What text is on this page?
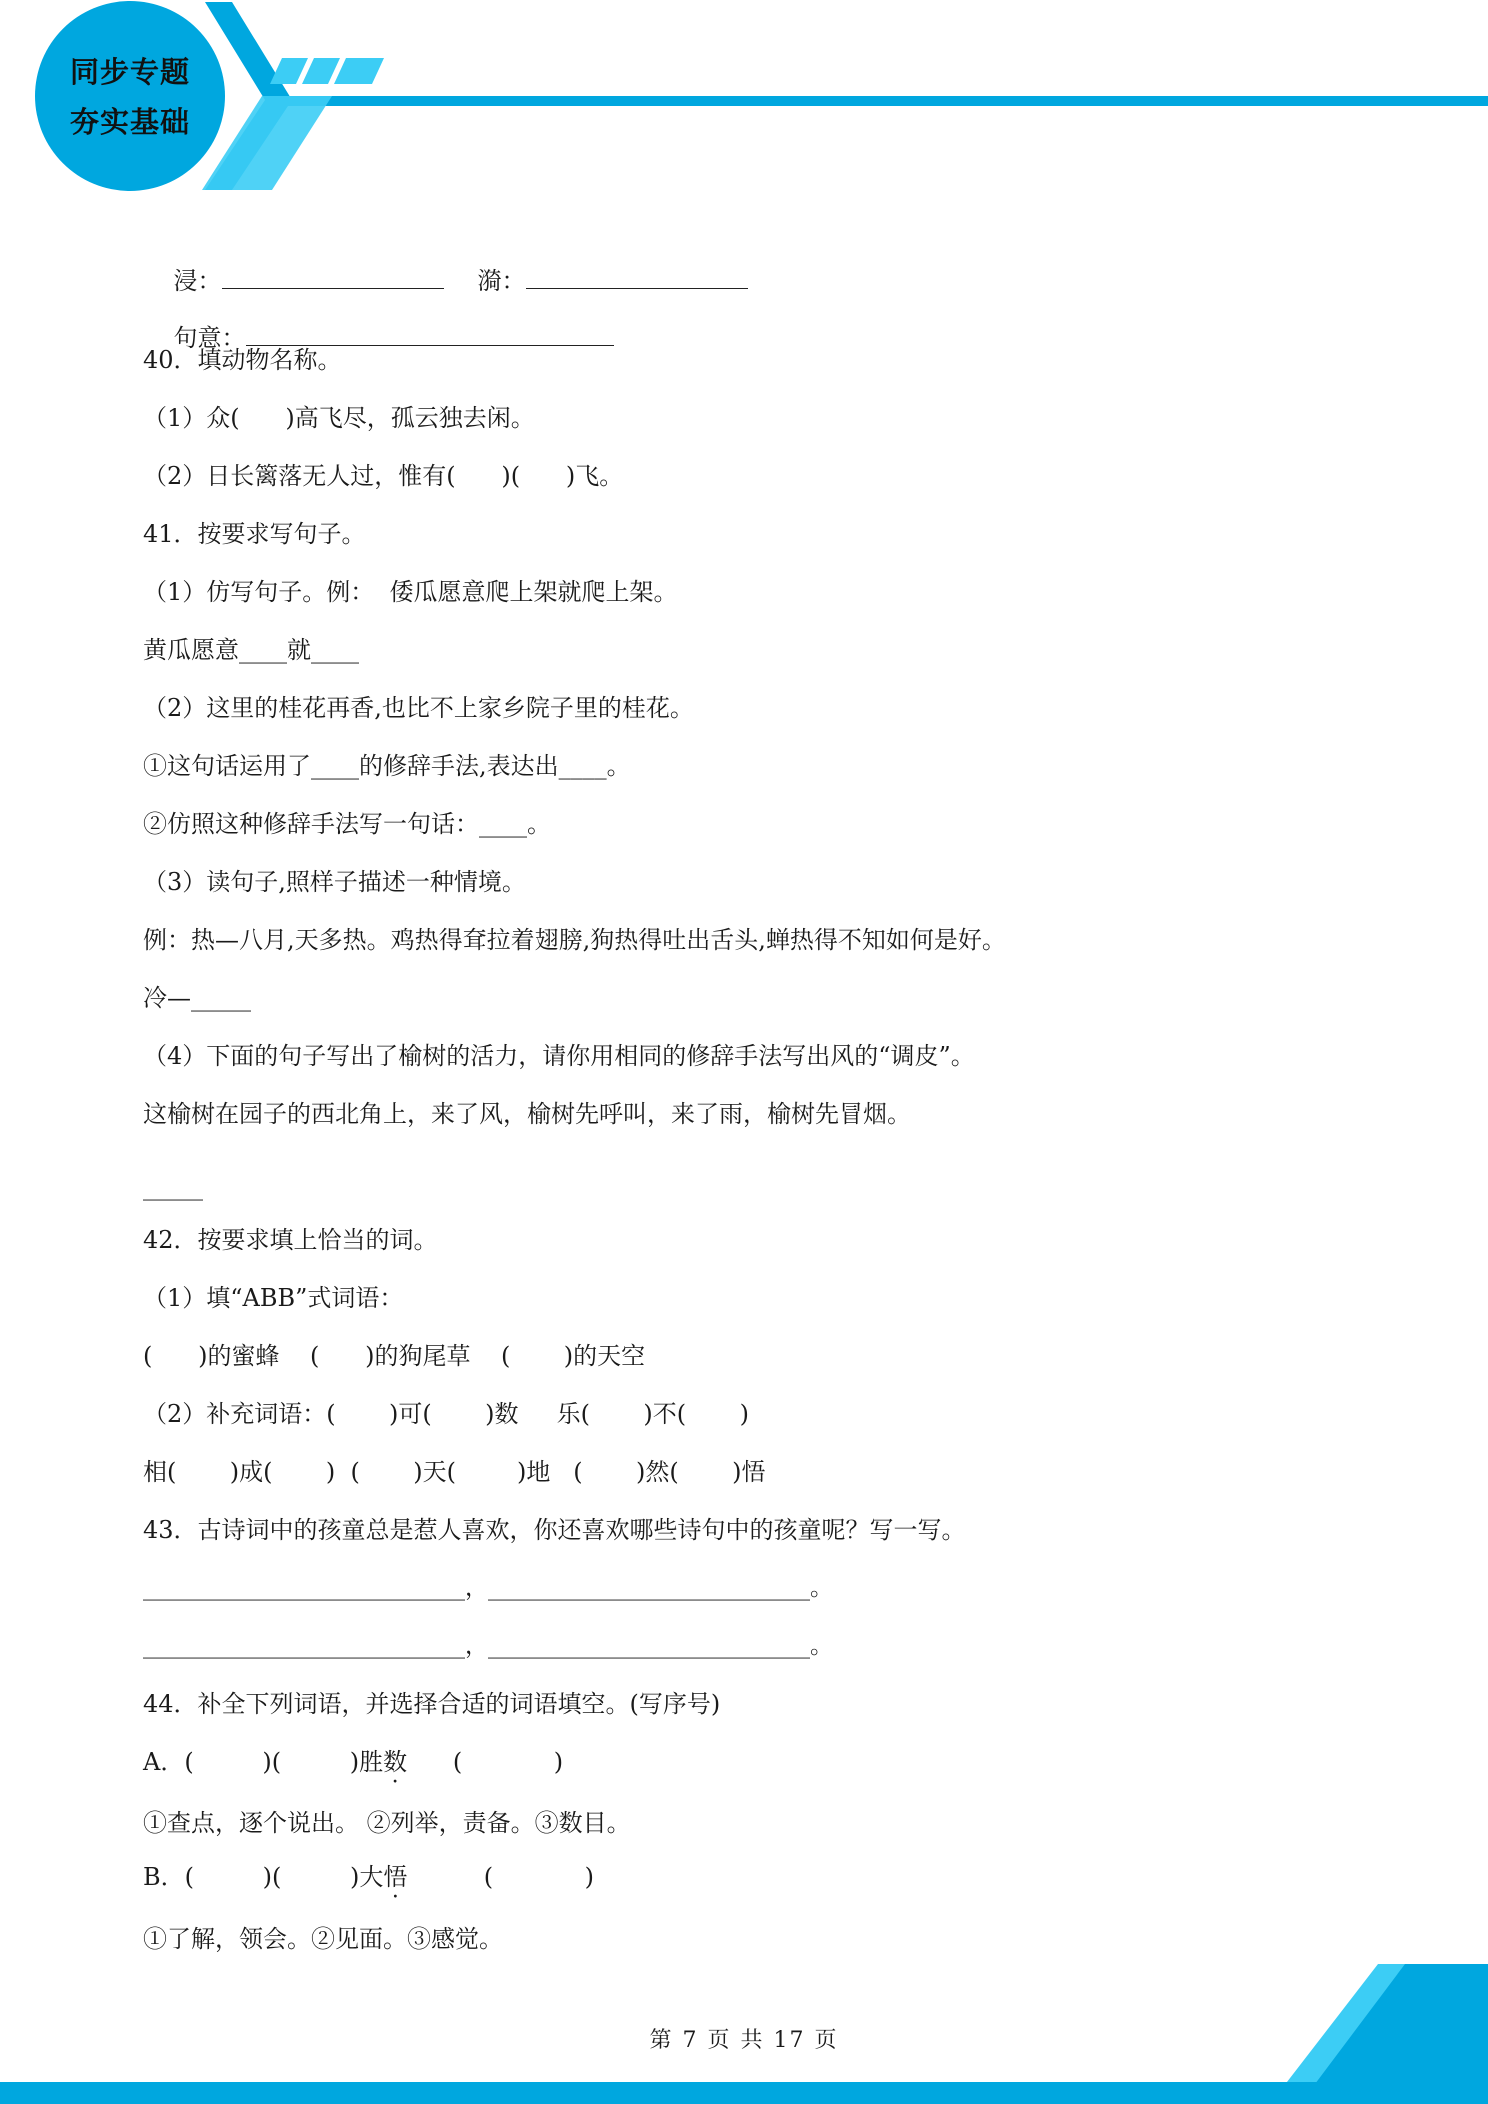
同步专题
夯实基础

浸：	漪：

句意：

40．填动物名称。
（1）众(      )高飞尽，孤云独去闲。
（2）日长篱落无人过，惟有(      )(      )飞。
41．按要求写句子。
（1）仿写句子。例：  倭瓜愿意爬上架就爬上架。
黄瓜愿意____就____
（2）这里的桂花再香,也比不上家乡院子里的桂花。
①这句话运用了____的修辞手法,表达出____。
②仿照这种修辞手法写一句话：____。
（3）读句子,照样子描述一种情境。
例：热—八月,天多热。鸡热得耷拉着翅膀,狗热得吐出舌头,蝉热得不知如何是好。
冷—_____
（4）下面的句子写出了榆树的活力，请你用相同的修辞手法写出风的“调皮”。
这榆树在园子的西北角上，来了风，榆树先呼叫，来了雨，榆树先冒烟。
_____
42．按要求填上恰当的词。
（1）填“ABB”式词语：
(      )的蜜蜂    (      )的狗尾草    (       )的天空
（2）补充词语：(       )可(       )数     乐(       )不(       )
相(       )成(       )  (       )天(        )地   (       )然(       )悟
43．古诗词中的孩童总是惹人喜欢，你还喜欢哪些诗句中的孩童呢？写一写。
____________________________，____________________________。
____________________________，____________________________。
44．补全下列词语，并选择合适的词语填空。(写序号)
A．(         )(         )胜数      (            )
①查点，逐个说出。 ②列举，责备。③数目。
B．(         )(         )大悟          (            )
①了解，领会。②见面。③感觉。
第 7 页 共 17 页
